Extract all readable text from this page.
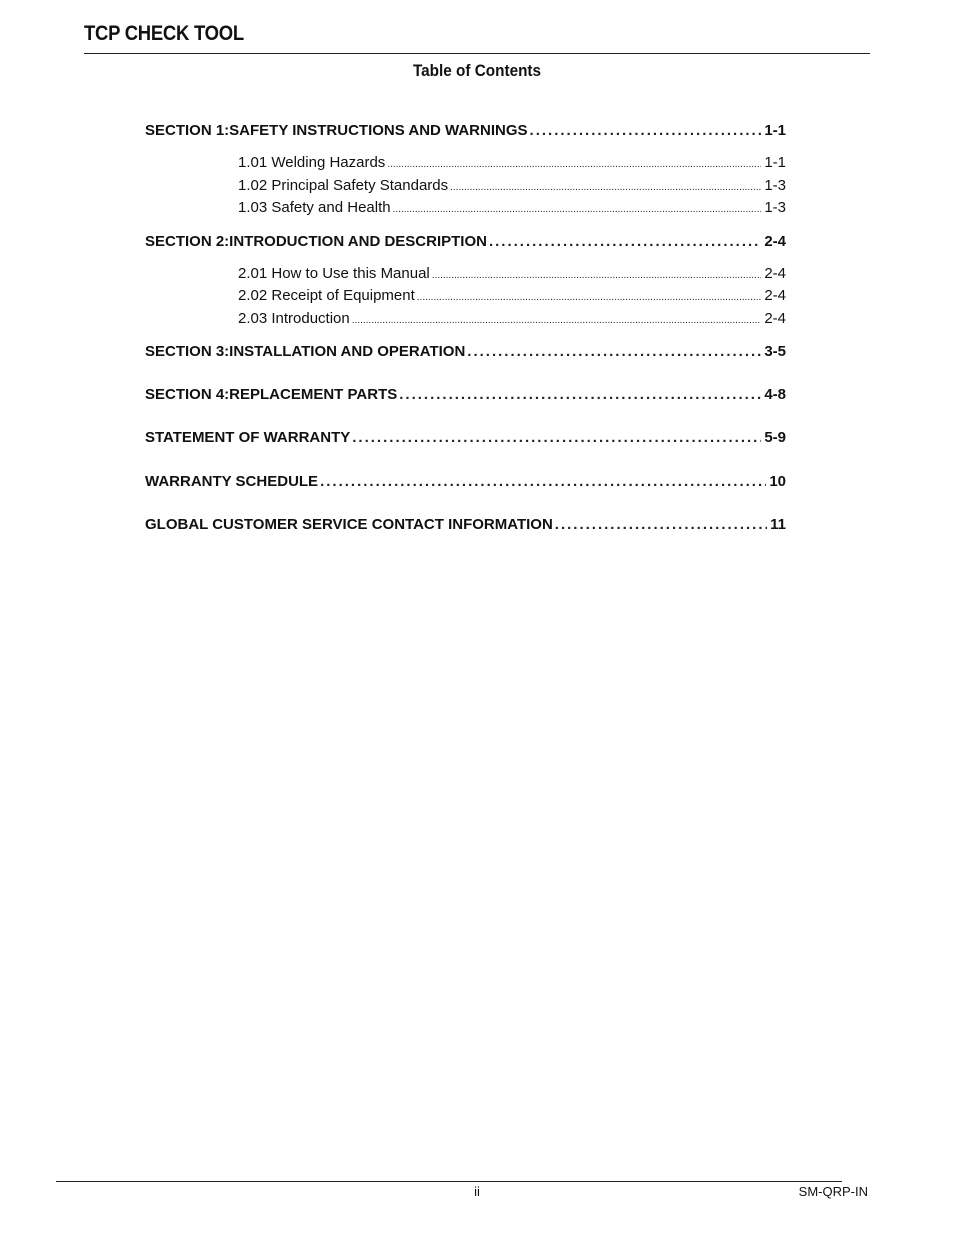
TCP CHECK TOOL
Table of Contents
SECTION 1:SAFETY INSTRUCTIONS AND WARNINGS .....	1-1
1.01 Welding Hazards .....	1-1
1.02 Principal Safety Standards .....	1-3
1.03 Safety and Health .....	1-3
SECTION 2:INTRODUCTION AND DESCRIPTION .....	2-4
2.01 How to Use this Manual .....	2-4
2.02 Receipt of Equipment .....	2-4
2.03 Introduction .....	2-4
SECTION 3:INSTALLATION AND OPERATION .....	3-5
SECTION 4:REPLACEMENT PARTS .....	4-8
STATEMENT OF WARRANTY .....	5-9
WARRANTY SCHEDULE .....	10
GLOBAL CUSTOMER SERVICE CONTACT INFORMATION .....	11
ii	SM-QRP-IN
